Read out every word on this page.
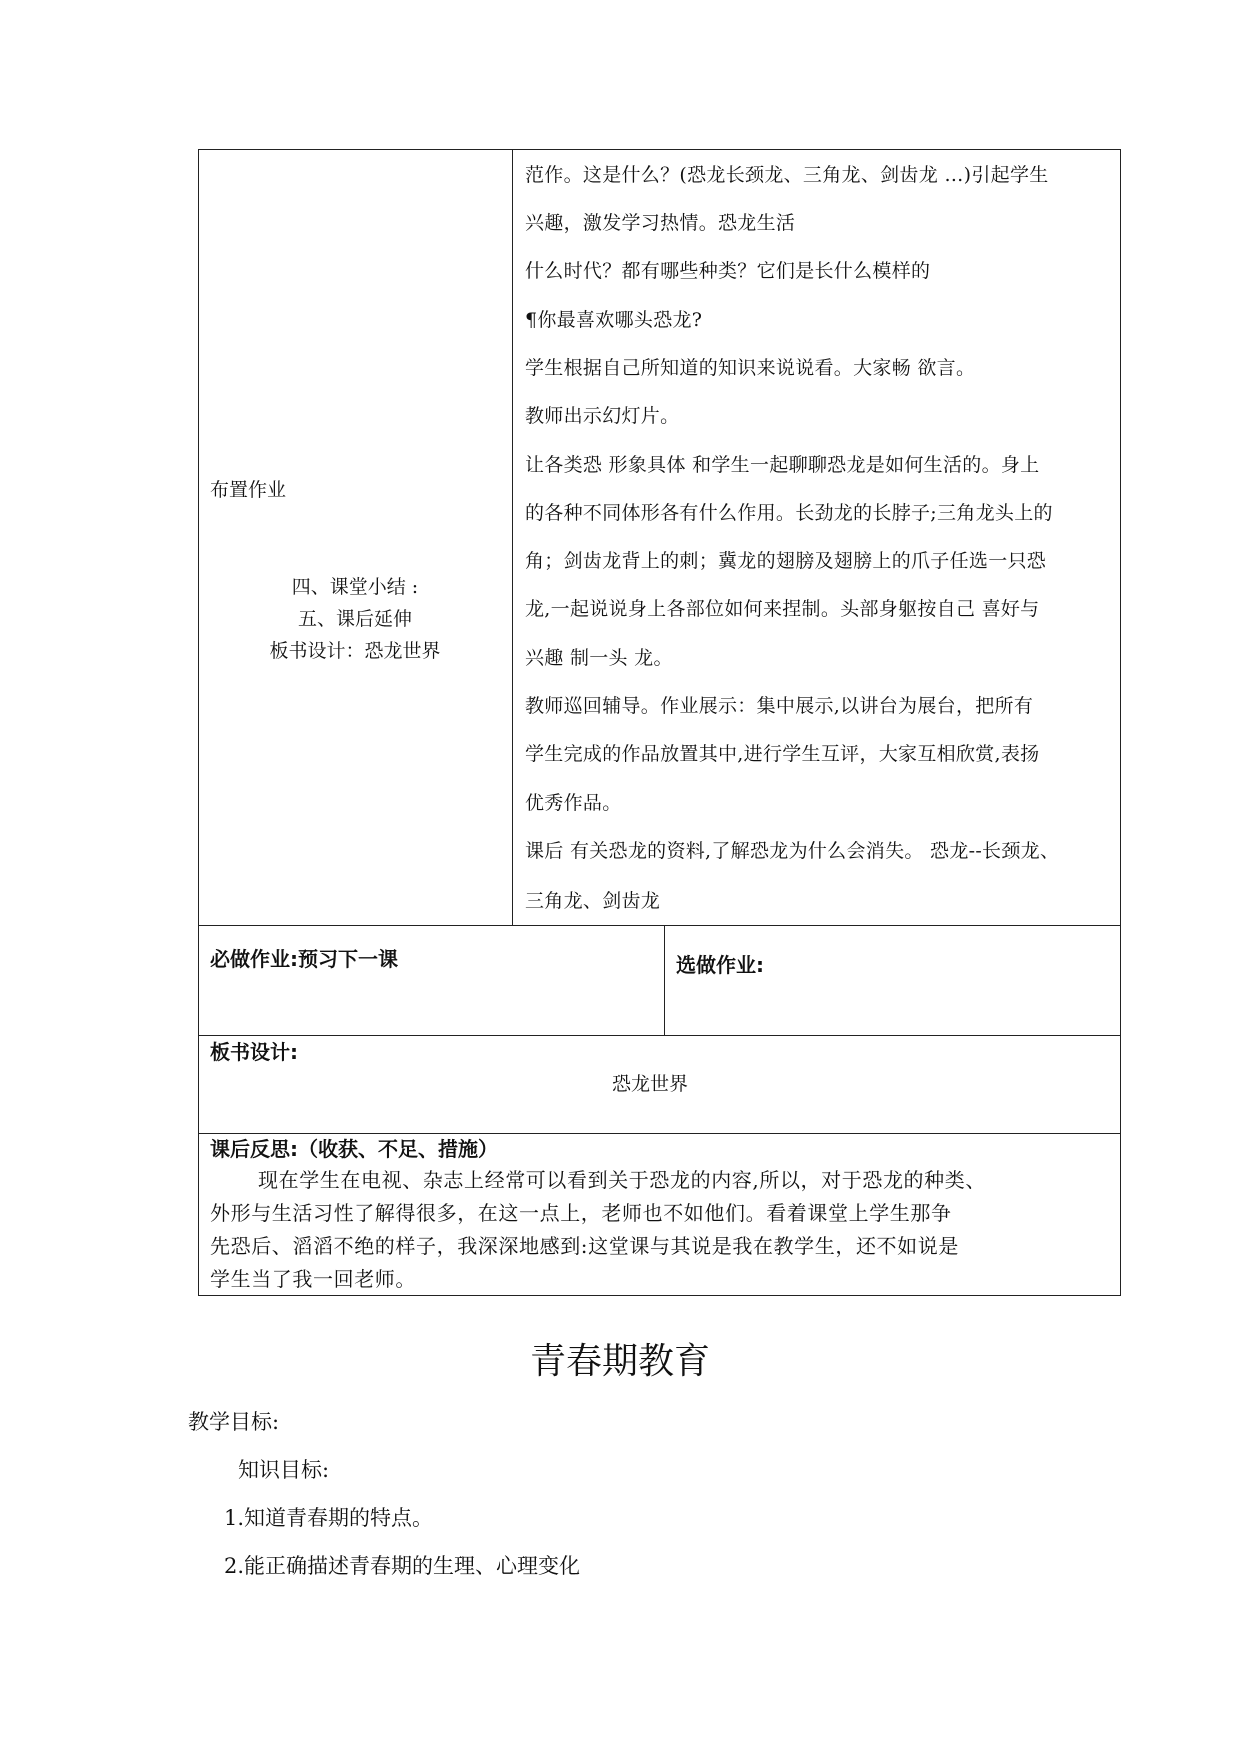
布置作业
四、课堂小结 :
五、课后延伸
板书设计：恐龙世界
范作。这是什么？(恐龙长颈龙、三角龙、剑齿龙 …)引起学生
兴趣，激发学习热情。恐龙生活
什么时代？都有哪些种类？它们是长什么模样的
¶你最喜欢哪头恐龙?
学生根据自己所知道的知识来说说看。大家畅 欲言。
教师出示幻灯片。
让各类恐 形象具体 和学生一起聊聊恐龙是如何生活的。身上
的各种不同体形各有什么作用。长劲龙的长脖子;三角龙头上的
角；剑齿龙背上的刺；冀龙的翅膀及翅膀上的爪子任选一只恐
龙,一起说说身上各部位如何来捏制。头部身躯按自己 喜好与
兴趣 制一头 龙。
教师巡回辅导。作业展示：集中展示,以讲台为展台，把所有
学生完成的作品放置其中,进行学生互评，大家互相欣赏,表扬
优秀作品。
课后 有关恐龙的资料,了解恐龙为什么会消失。 恐龙--长颈龙、
三角龙、剑齿龙
必做作业:预习下一课	选做作业:
板书设计:
恐龙世界
课后反思:（收获、不足、措施）
现在学生在电视、杂志上经常可以看到关于恐龙的内容,所以，对于恐龙的种类、
外形与生活习性了解得很多，在这一点上，老师也不如他们。看着课堂上学生那争
先恐后、滔滔不绝的样子，我深深地感到:这堂课与其说是我在教学生，还不如说是
学生当了我一回老师。
青春期教育
教学目标:
知识目标:
1.知道青春期的特点。
2.能正确描述青春期的生理、心理变化
